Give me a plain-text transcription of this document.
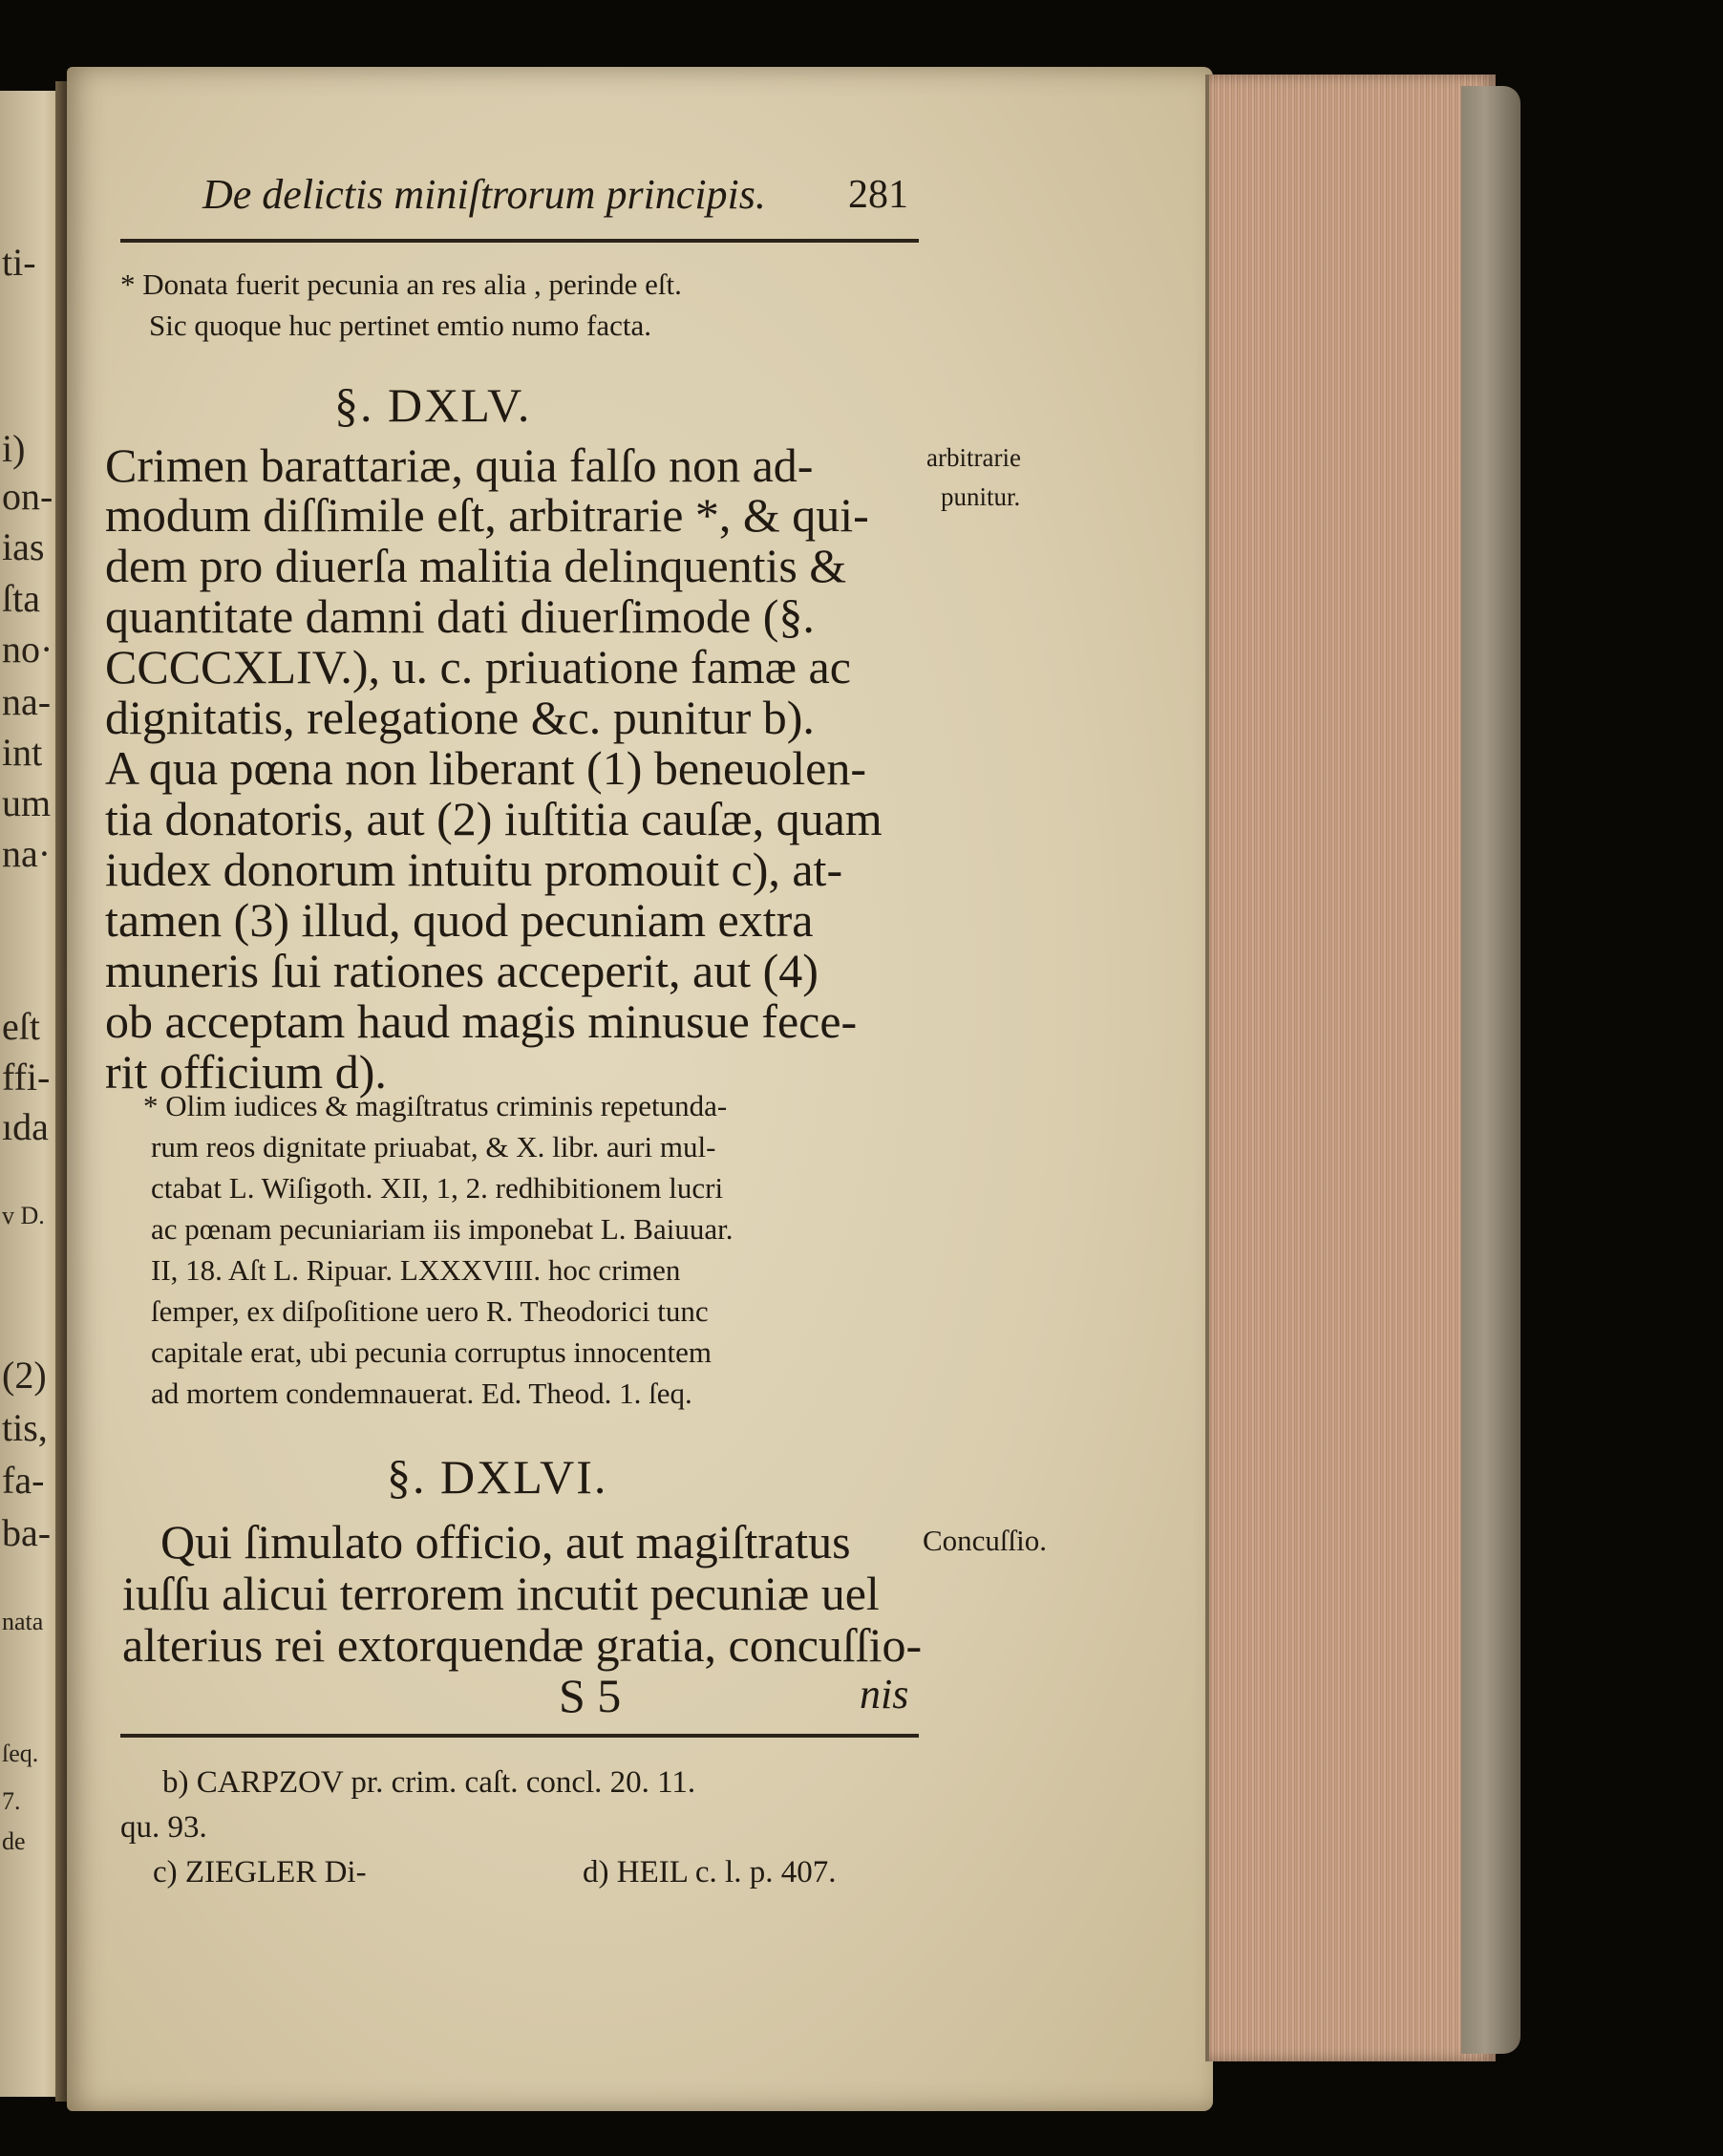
ti-
i)
on-
ias
ſta
no·
na-
int
um
na·
eſt
ffi-
ıda
v D.
(2)
tis,
fa-
ba-
nata
ſeq.
7.
de
De delictis miniſtrorum principis. 281
* Donata fuerit pecunia an res alia , perinde eſt.
Sic quoque huc pertinet emtio numo facta.
§. DXLV.
Crimen barattariæ, quia falſo non ad-
modum diſſimile eſt, arbitrarie *, & qui-
dem pro diuerſa malitia delinquentis &
quantitate damni dati diuerſimode (§.
CCCCXLIV.), u. c. priuatione famæ ac
dignitatis, relegatione &c. punitur b).
A qua pœna non liberant (1) beneuolen-
tia donatoris, aut (2) iuſtitia cauſæ, quam
iudex donorum intuitu promouit c), at-
tamen (3) illud, quod pecuniam extra
muneris ſui rationes acceperit, aut (4)
ob acceptam haud magis minusue fece-
rit officium d).
arbitrarie
punitur.
* Olim iudices & magiſtratus criminis repetunda-
rum reos dignitate priuabat, & X. libr. auri mul-
ctabat L. Wiſigoth. XII, 1, 2. redhibitionem lucri
ac pœnam pecuniariam iis imponebat L. Baiuuar.
II, 18. Aſt L. Ripuar. LXXXVIII. hoc crimen
ſemper, ex diſpoſitione uero R. Theodorici tunc
capitale erat, ubi pecunia corruptus innocentem
ad mortem condemnauerat. Ed. Theod. 1. ſeq.
§. DXLVI.
Qui ſimulato officio, aut magiſtratus
iuſſu alicui terrorem incutit pecuniæ uel
alterius rei extorquendæ gratia, concuſſio-
Concuſſio.
S 5	nis
b) CARPZOV pr. crim. caſt. concl. 20. 11.
qu. 93.
c) ZIEGLER Di-	d) HEIL c. l. p. 407.
